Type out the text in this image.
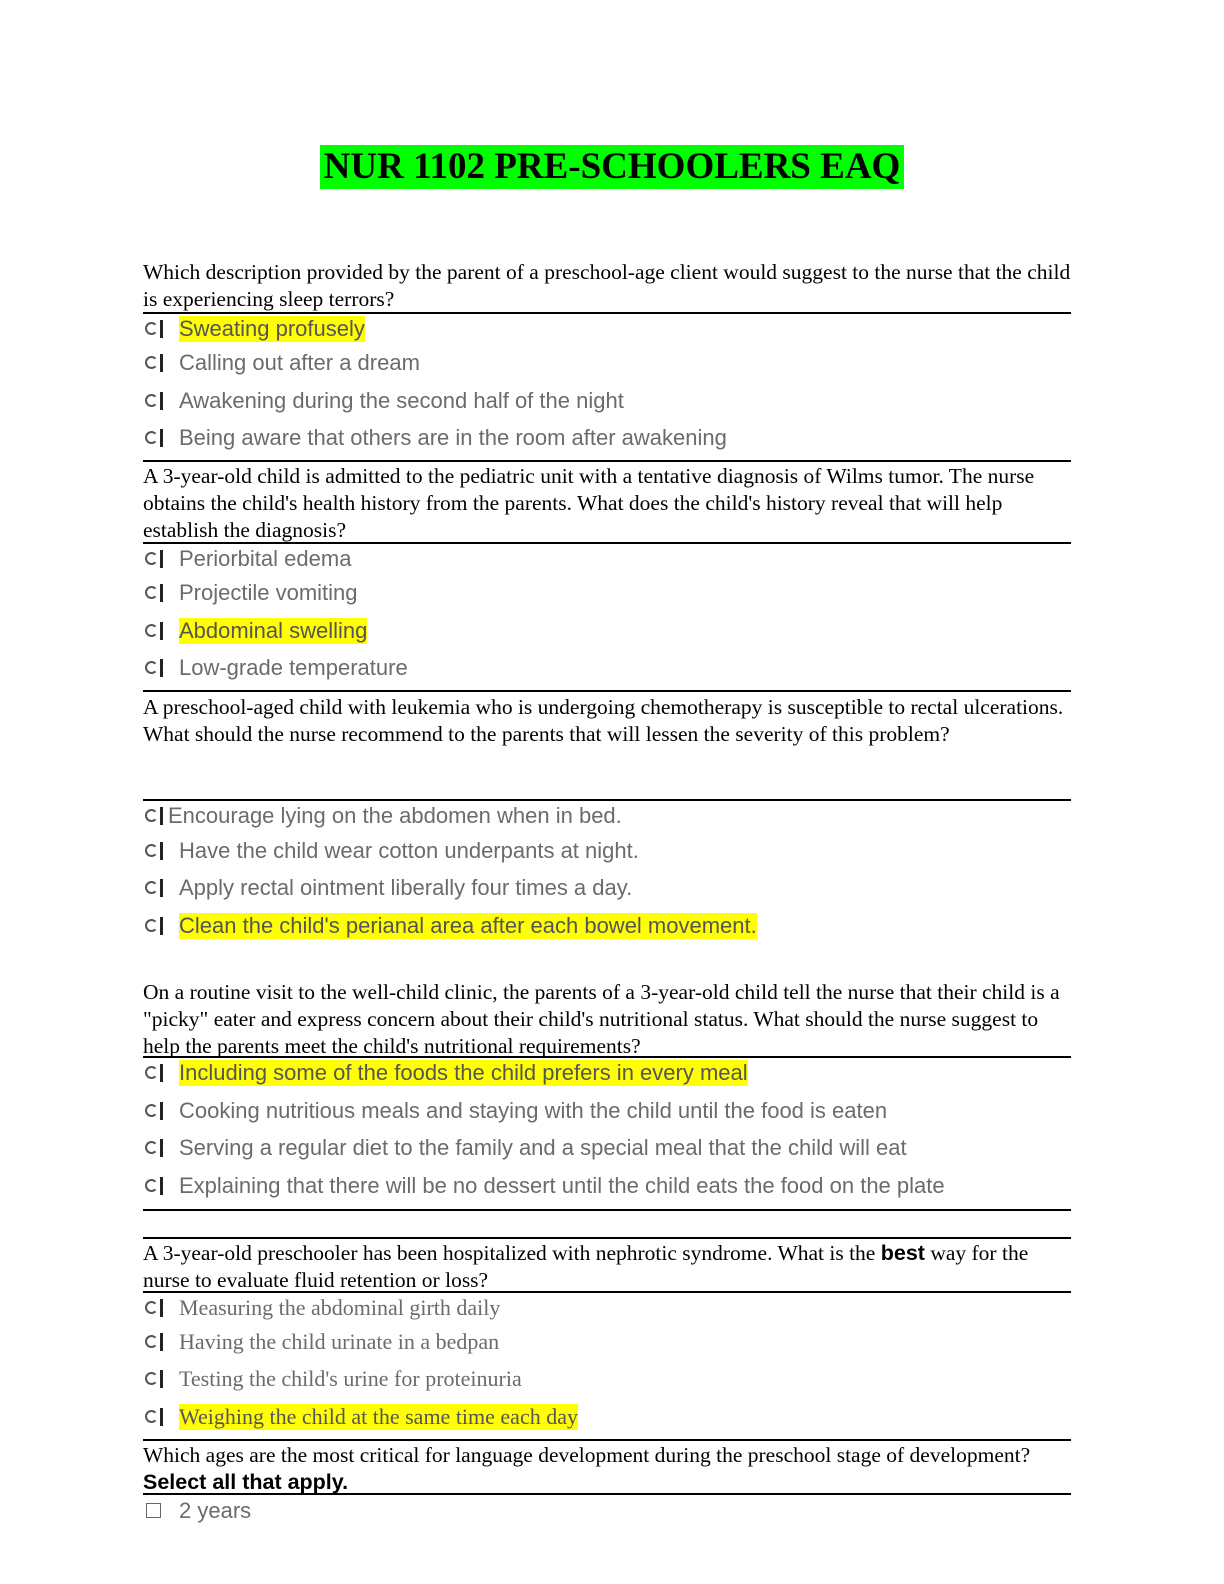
NUR 1102 PRE-SCHOOLERS EAQ
Which description provided by the parent of a preschool-age client would suggest to the nurse that the child is experiencing sleep terrors?
Sweating profusely
Calling out after a dream
Awakening during the second half of the night
Being aware that others are in the room after awakening
A 3-year-old child is admitted to the pediatric unit with a tentative diagnosis of Wilms tumor. The nurse obtains the child's health history from the parents. What does the child's history reveal that will help establish the diagnosis?
Periorbital edema
Projectile vomiting
Abdominal swelling
Low-grade temperature
A preschool-aged child with leukemia who is undergoing chemotherapy is susceptible to rectal ulcerations. What should the nurse recommend to the parents that will lessen the severity of this problem?
Encourage lying on the abdomen when in bed.
Have the child wear cotton underpants at night.
Apply rectal ointment liberally four times a day.
Clean the child's perianal area after each bowel movement.
On a routine visit to the well-child clinic, the parents of a 3-year-old child tell the nurse that their child is a "picky" eater and express concern about their child's nutritional status. What should the nurse suggest to help the parents meet the child's nutritional requirements?
Including some of the foods the child prefers in every meal
Cooking nutritious meals and staying with the child until the food is eaten
Serving a regular diet to the family and a special meal that the child will eat
Explaining that there will be no dessert until the child eats the food on the plate
A 3-year-old preschooler has been hospitalized with nephrotic syndrome. What is the best way for the nurse to evaluate fluid retention or loss?
Measuring the abdominal girth daily
Having the child urinate in a bedpan
Testing the child's urine for proteinuria
Weighing the child at the same time each day
Which ages are the most critical for language development during the preschool stage of development? Select all that apply.
2 years
